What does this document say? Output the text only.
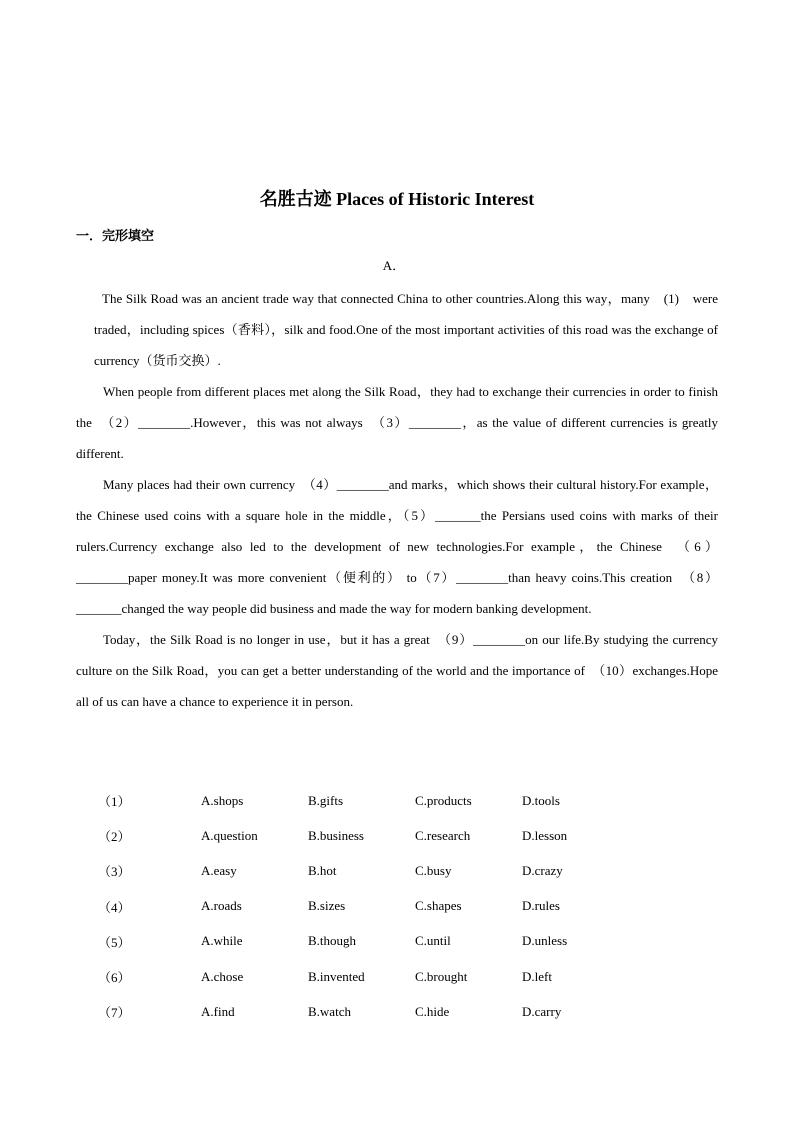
名胜古迹 Places of Historic Interest
一．完形填空
A．

The Silk Road was an ancient trade way that connected China to other countries.Along this way，many　(1)　were traded，including spices（香料），silk and food.One of the most important activities of this road was the exchange of currency（货币交换）.

When people from different places met along the Silk Road，they had to exchange their currencies in order to finish the　（2）________.However，this was not always　（3）________，as the value of different currencies is greatly different.

Many places had their own currency　（4）________and marks，which shows their cultural history.For example，the Chinese used coins with a square hole in the middle，（5）_______the Persians used coins with marks of their rulers.Currency exchange also led to the development of new technologies.For example，the Chinese　（6）________paper money.It was more convenient（便利的） to（7）________than heavy coins.This creation　（8）_______changed the way people did business and made the way for modern banking development.

Today，the Silk Road is no longer in use，but it has a great　（9）________on our life.By studying the currency culture on the Silk Road，you can get a better understanding of the world and the importance of　（10）exchanges.Hope all of us can have a chance to experience it in person.

（1）	A.shops	B.gifts	C.products	D.tools
（2）	A.question	B.business	C.research	D.lesson
（3）	A.easy	B.hot	C.busy	D.crazy
（4）	A.roads	B.sizes	C.shapes	D.rules
（5）	A.while	B.though	C.until	D.unless
（6）	A.chose	B.invented	C.brought	D.left
（7）	A.find	B.watch	C.hide	D.carry
